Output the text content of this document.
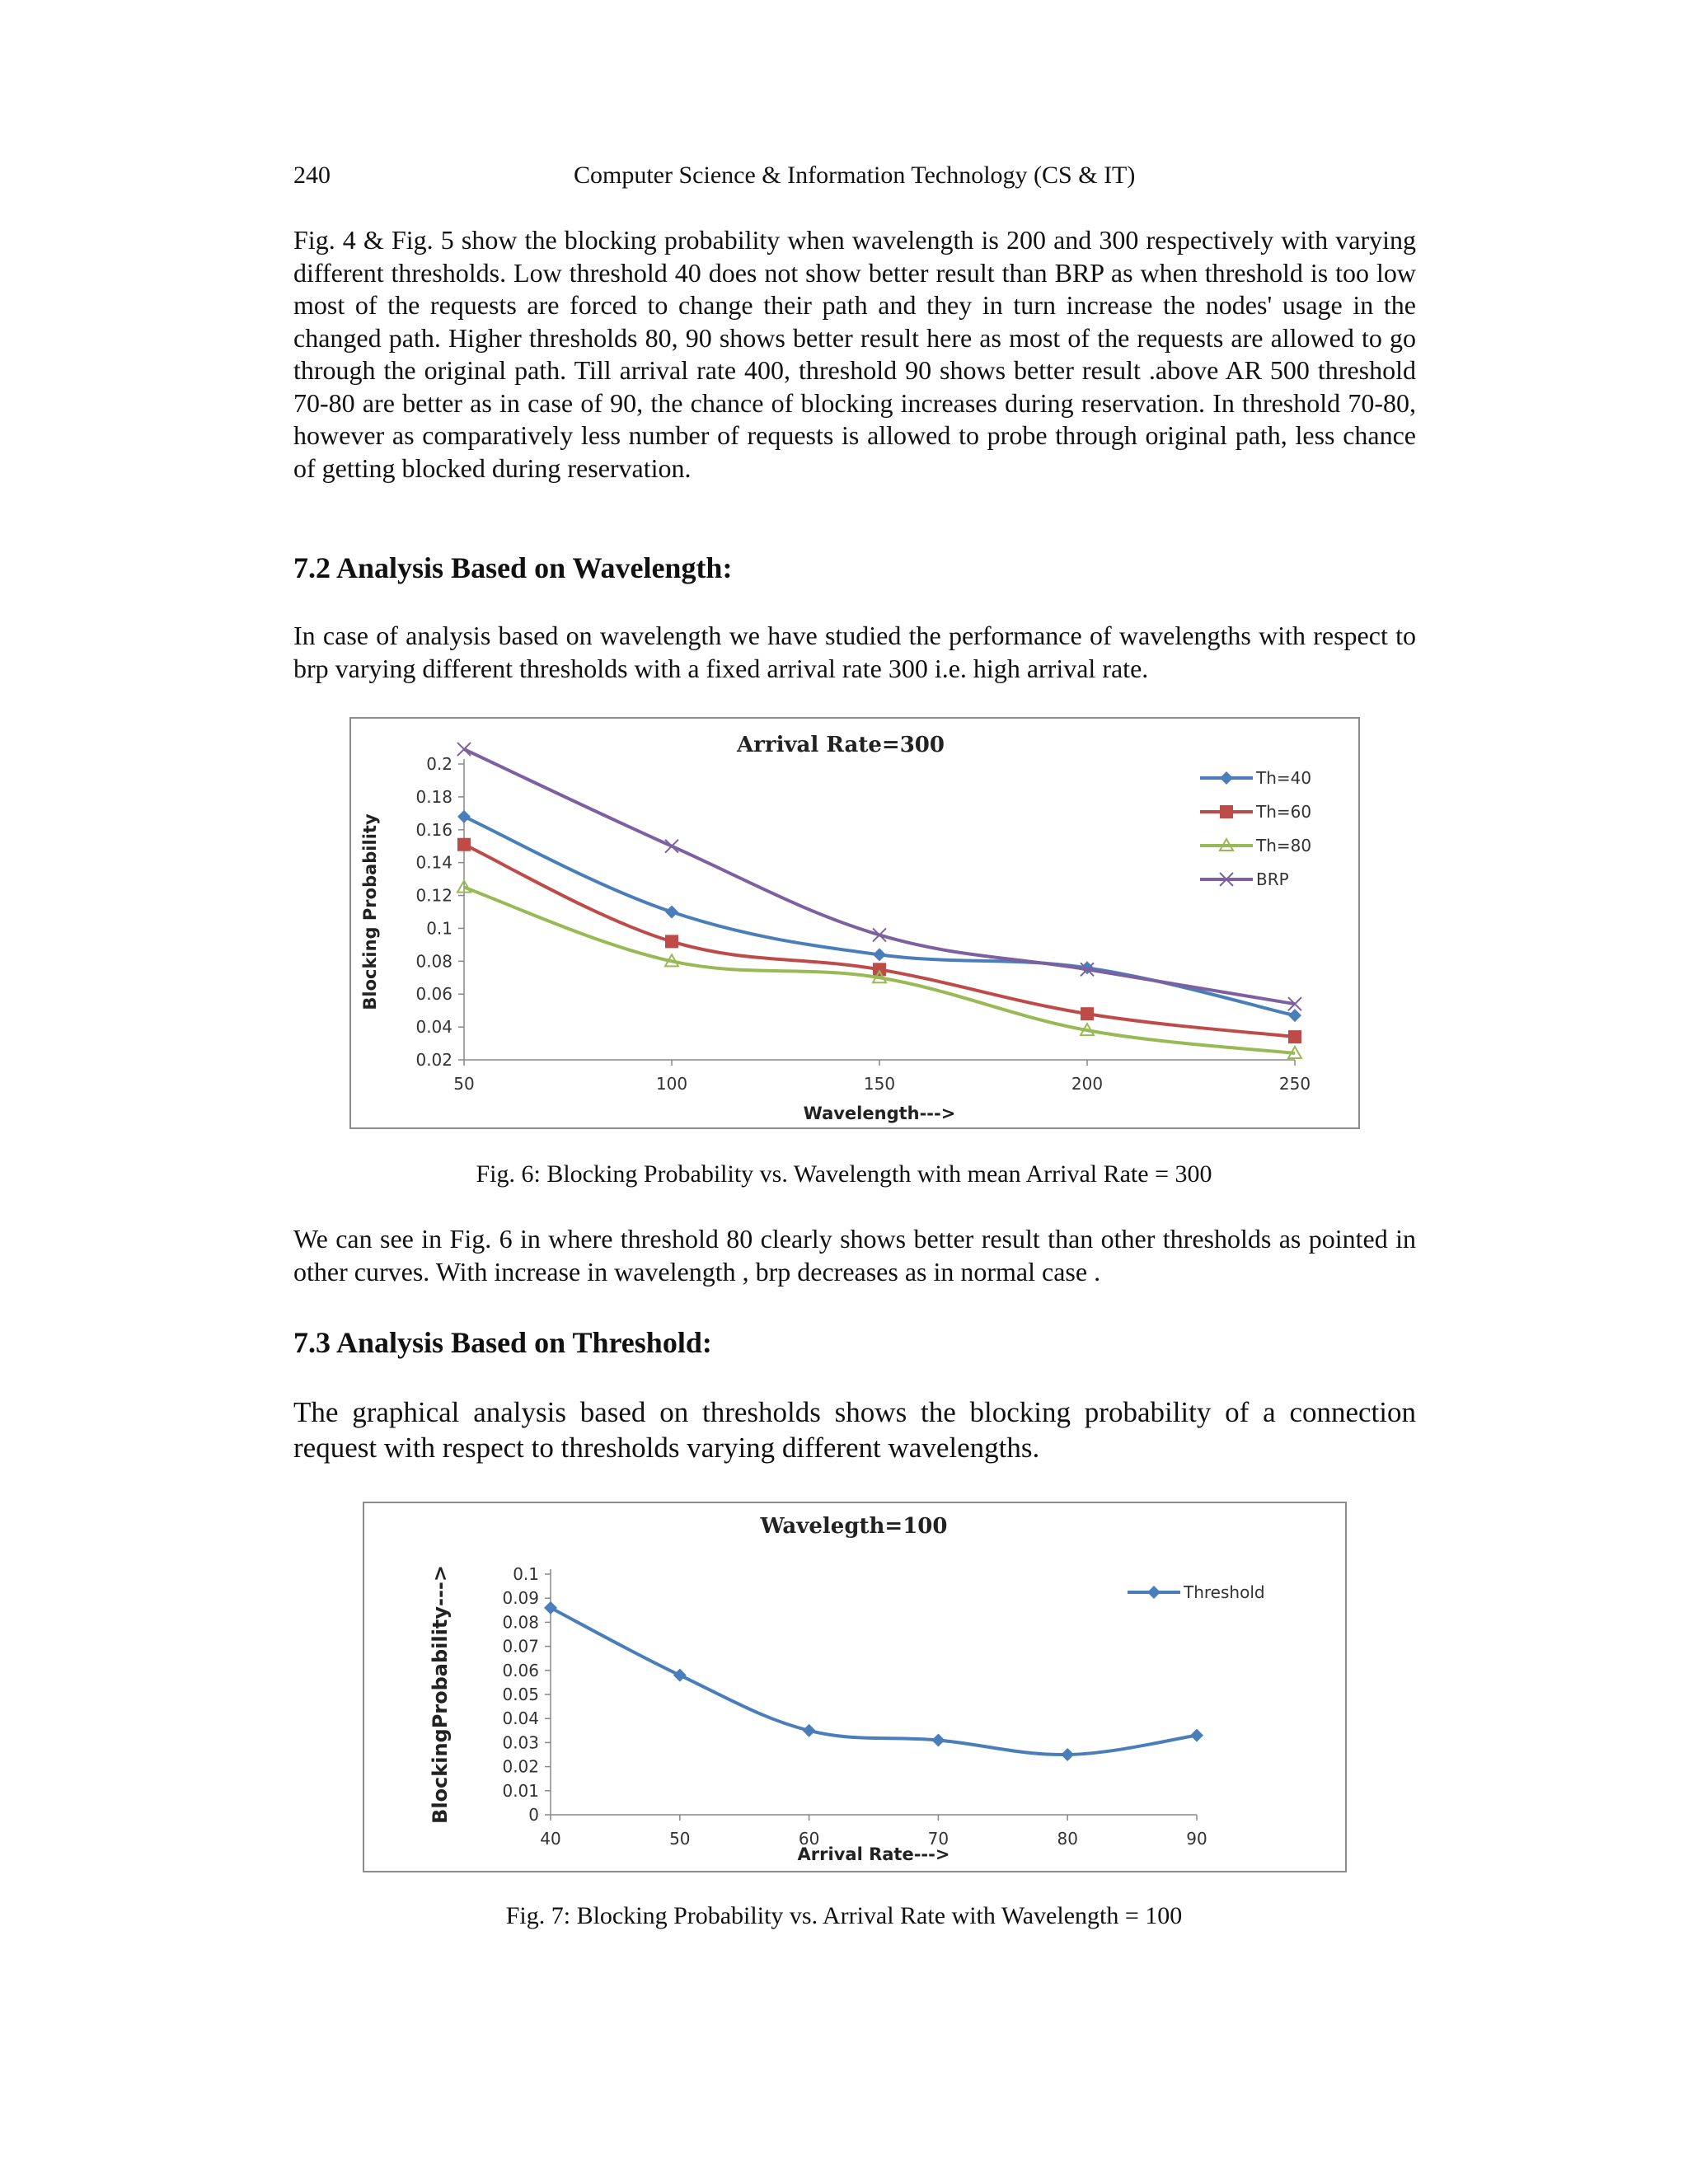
240	Computer Science & Information Technology (CS & IT)

Fig. 4 & Fig. 5 show the blocking probability when wavelength is 200 and 300 respectively with varying different thresholds. Low threshold 40 does not show better result than BRP as when threshold is too low most of the requests are forced to change their path and they in turn increase the nodes' usage in the changed path. Higher thresholds 80, 90 shows better result here as most of the requests are allowed to go through the original path. Till arrival rate 400, threshold 90 shows better result .above AR 500 threshold 70-80 are better as in case of 90, the chance of blocking increases during reservation. In threshold 70-80, however as comparatively less number of requests is allowed to probe through original path, less chance of getting blocked during reservation.

7.2 Analysis Based on Wavelength:

In case of analysis based on wavelength we have studied the performance of wavelengths with respect to brp varying different thresholds with a fixed arrival rate 300 i.e. high arrival rate.

Arrival Rate=300
0.02
0.04
0.06
0.08
0.1
0.12
0.14
0.16
0.18
0.2
50	100	150	200	250
Wavelength--->
Blocking Probability
Th=40
Th=60
Th=80
BRP
Fig. 6: Blocking Probability vs. Wavelength with mean Arrival Rate = 300

We can see in Fig. 6 in where threshold 80 clearly shows better result than other thresholds as pointed in other curves. With increase in wavelength , brp decreases as in normal case .

7.3 Analysis Based on Threshold:

The graphical analysis based on thresholds shows the blocking probability of a connection request with respect to thresholds varying different wavelengths.

Wavelegth=100
0
0.01
0.02
0.03
0.04
0.05
0.06
0.07
0.08
0.09
0.1
40	50	60	70	80	90
Arrival Rate--->
BlockingProbability--->	Threshold
Fig. 7: Blocking Probability vs. Arrival Rate with Wavelength = 100
